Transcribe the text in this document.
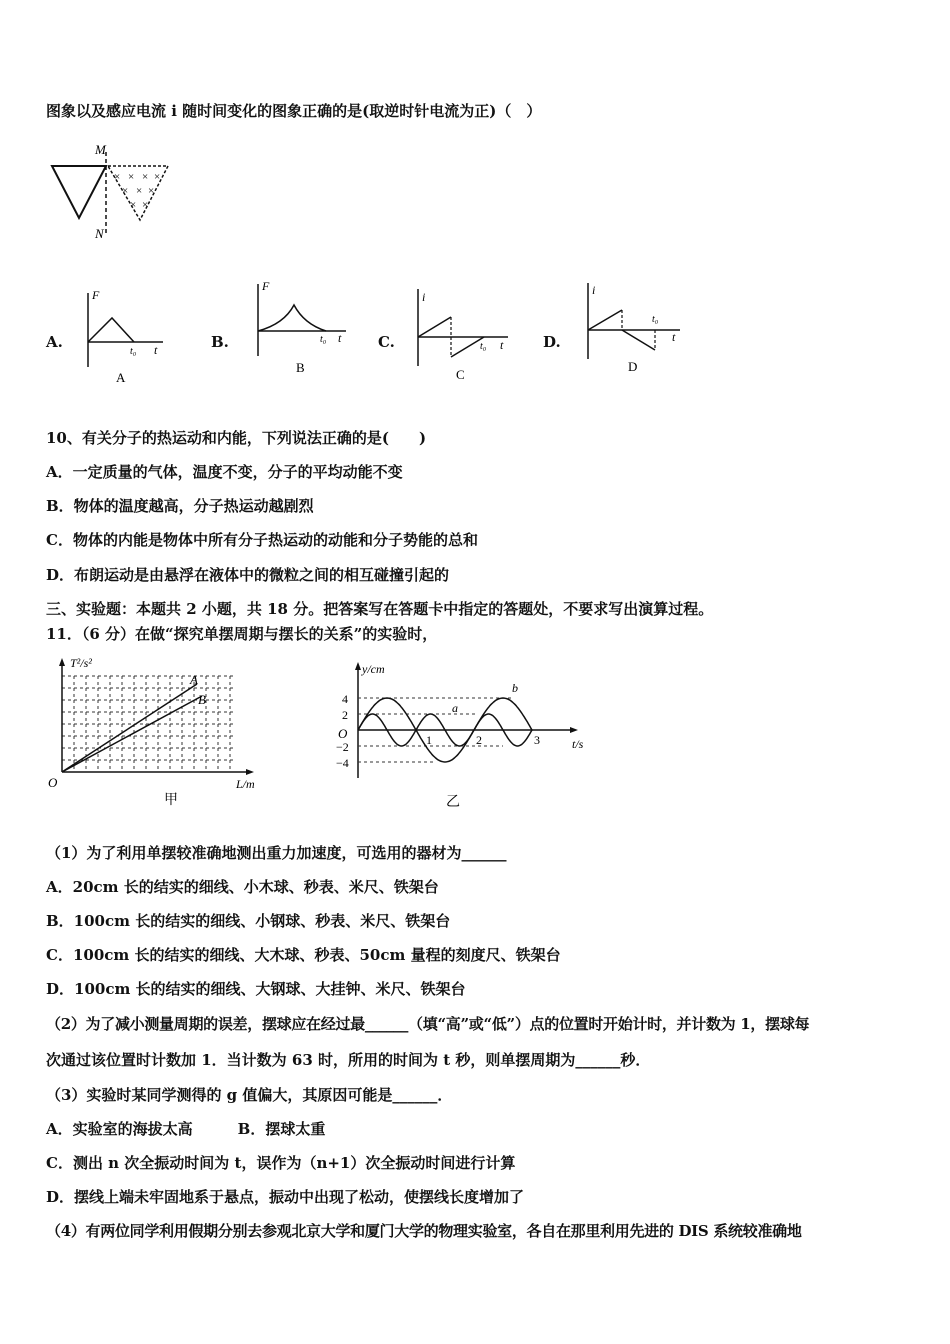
图象以及感应电流 i 随时间变化的图象正确的是(取逆时针电流为正)（　）
× × × ×
× × ×
× ×
M
N
A.
F
t
t₀
A
B.
F
t
t₀
B
C.
i
t
t₀
C
D.
i
t
t₀
D
10、有关分子的热运动和内能，下列说法正确的是(　　)
A．一定质量的气体，温度不变，分子的平均动能不变
B．物体的温度越高，分子热运动越剧烈
C．物体的内能是物体中所有分子热运动的动能和分子势能的总和
D．布朗运动是由悬浮在液体中的微粒之间的相互碰撞引起的
三、实验题：本题共 2 小题，共 18 分。把答案写在答题卡中指定的答题处，不要求写出演算过程。
11．（6 分）在做“探究单摆周期与摆长的关系”的实验时，
T²/s²
L/m
O
A
B
甲
y/cm
t/s
O
4
2
−2
−4
1	2	3
a
b
乙
（1）为了利用单摆较准确地测出重力加速度，可选用的器材为______
A．20cm 长的结实的细线、小木球、秒表、米尺、铁架台
B．100cm 长的结实的细线、小钢球、秒表、米尺、铁架台
C．100cm 长的结实的细线、大木球、秒表、50cm 量程的刻度尺、铁架台
D．100cm 长的结实的细线、大钢球、大挂钟、米尺、铁架台
（2）为了减小测量周期的误差，摆球应在经过最______（填“高”或“低”）点的位置时开始计时，并计数为 1，摆球每
次通过该位置时计数加 1．当计数为 63 时，所用的时间为 t 秒，则单摆周期为______秒．
（3）实验时某同学测得的 g 值偏大，其原因可能是______．
A．实验室的海拔太高　　　B．摆球太重
C．测出 n 次全振动时间为 t，误作为（n+1）次全振动时间进行计算
D．摆线上端未牢固地系于悬点，振动中出现了松动，使摆线长度增加了
（4）有两位同学利用假期分别去参观北京大学和厦门大学的物理实验室，各自在那里利用先进的 DIS 系统较准确地
